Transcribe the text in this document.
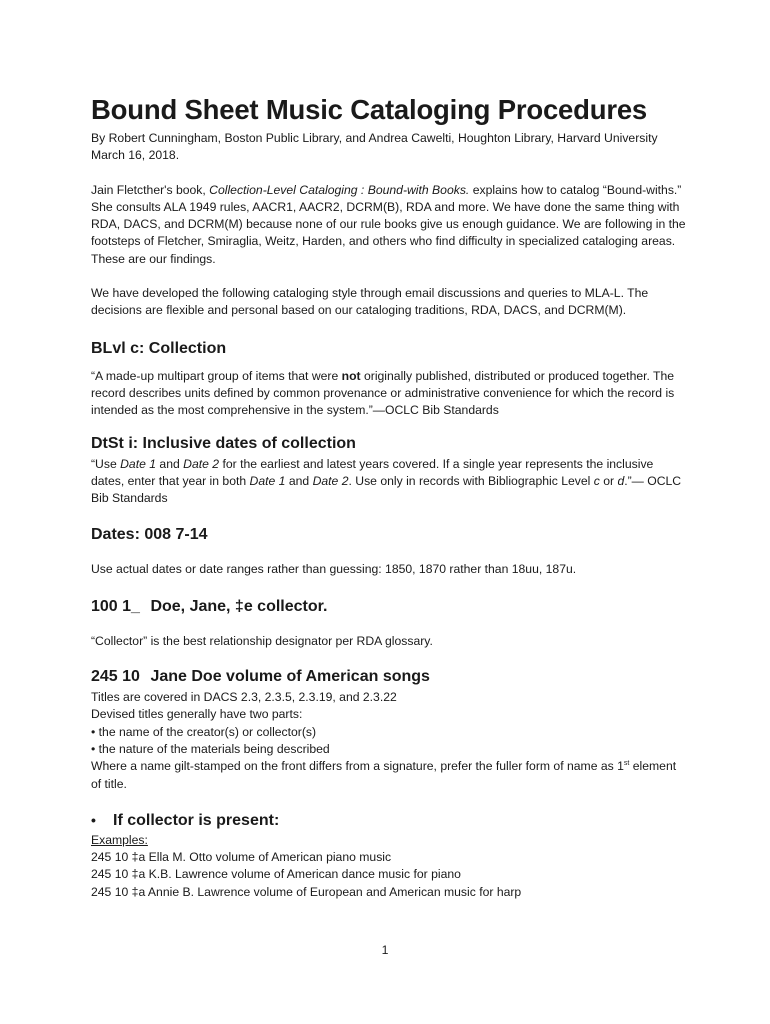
Bound Sheet Music Cataloging Procedures

By Robert Cunningham, Boston Public Library, and Andrea Cawelti, Houghton Library, Harvard University

March 16, 2018.

Jain Fletcther's book, Collection-Level Cataloging : Bound-with Books. explains how to catalog “Bound-withs.” She consults ALA 1949 rules, AACR1, AACR2, DCRM(B), RDA and more. We have done the same thing with RDA, DACS, and DCRM(M) because none of our rule books give us enough guidance. We are following in the footsteps of Fletcher, Smiraglia, Weitz, Harden, and others who find difficulty in specialized cataloging areas. These are our findings.

We have developed the following cataloging style through email discussions and queries to MLA-L. The decisions are flexible and personal based on our cataloging traditions, RDA, DACS, and DCRM(M).

BLvl c: Collection

“A made-up multipart group of items that were not originally published, distributed or produced together. The record describes units defined by common provenance or administrative convenience for which the record is intended as the most comprehensive in the system.”—OCLC Bib Standards

DtSt i: Inclusive dates of collection

“Use Date 1 and Date 2 for the earliest and latest years covered. If a single year represents the inclusive dates, enter that year in both Date 1 and Date 2. Use only in records with Bibliographic Level c or d.”— OCLC Bib Standards

Dates: 008 7-14

Use actual dates or date ranges rather than guessing: 1850, 1870 rather than 18uu, 187u.

100 1_ Doe, Jane, ‡e collector.

“Collector” is the best relationship designator per RDA glossary.

245 10 Jane Doe volume of American songs
Titles are covered in DACS 2.3, 2.3.5, 2.3.19, and 2.3.22
Devised titles generally have two parts:
• the name of the creator(s) or collector(s)
• the nature of the materials being described
Where a name gilt-stamped on the front differs from a signature, prefer the fuller form of name as 1st element of title.
• If collector is present:
Examples:
245 10 ‡a Ella M. Otto volume of American piano music
245 10 ‡a K.B. Lawrence volume of American dance music for piano
245 10 ‡a Annie B. Lawrence volume of European and American music for harp
1
